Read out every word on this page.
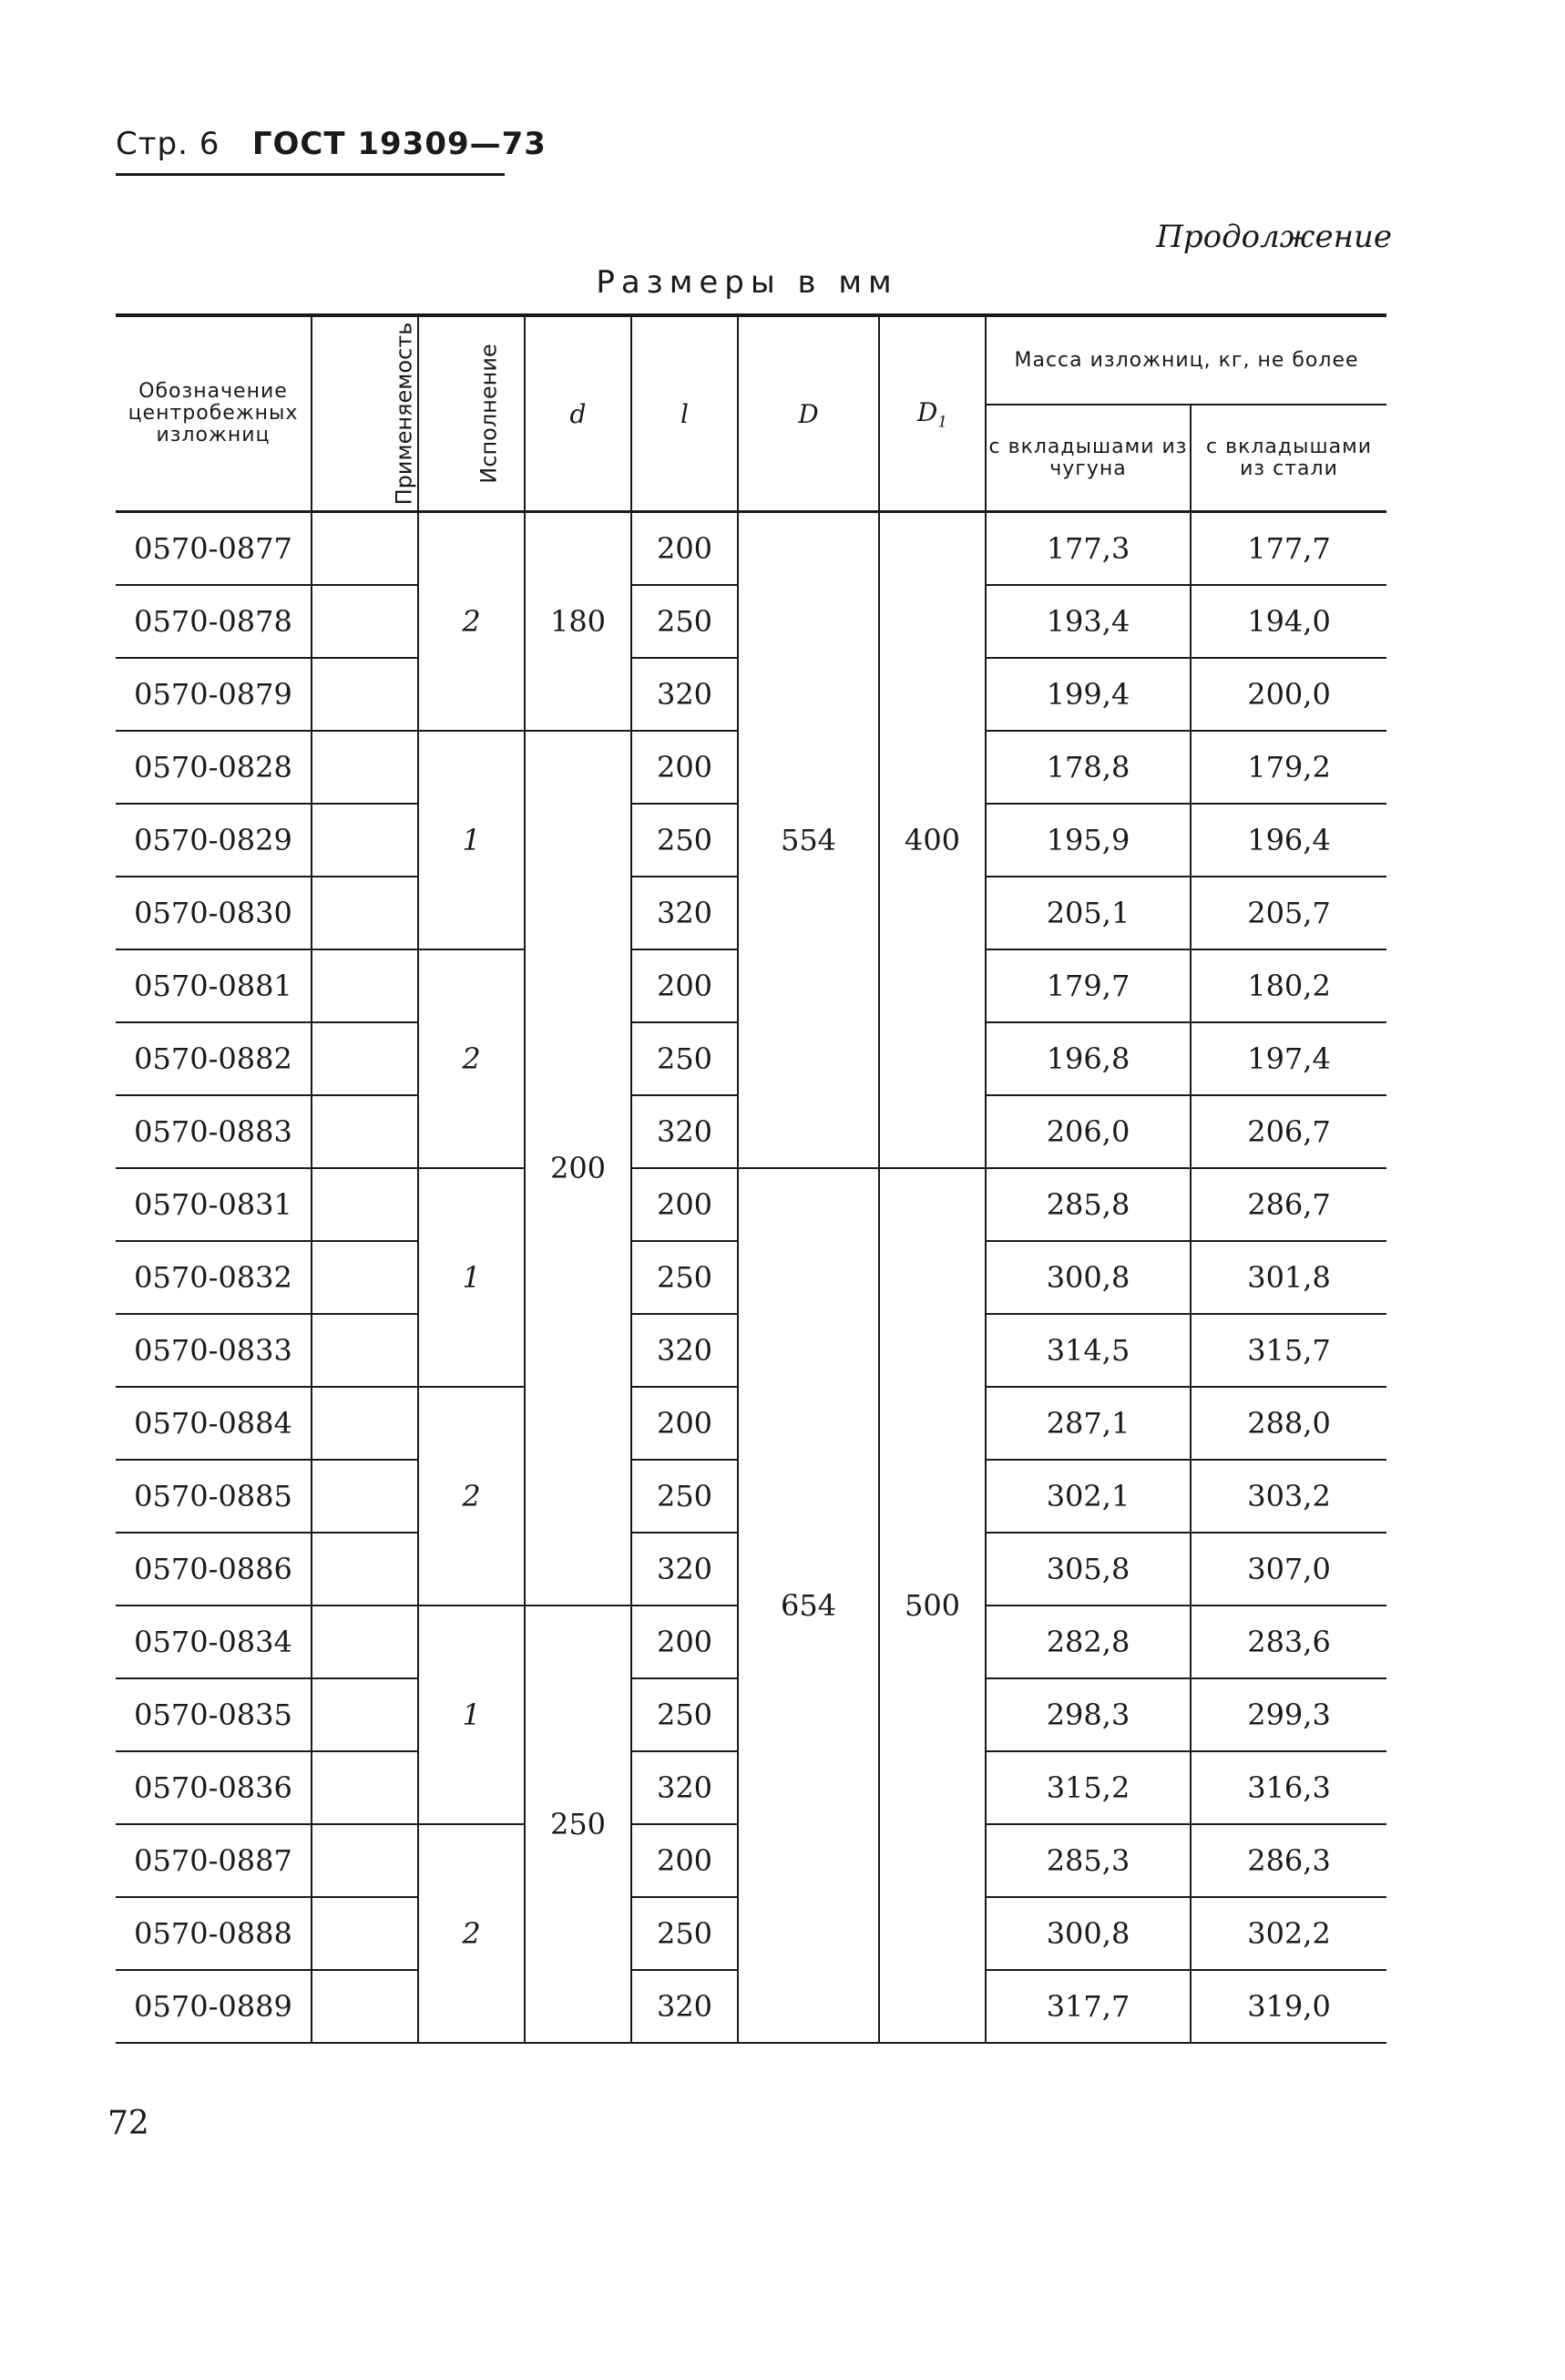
Стр. 6 ГОСТ 19309—73
Продолжение
Размеры в мм
Обозначение центробежных изложниц	Применяемость	Исполнение	d	l	D	$D_1$	Масса изложниц, кг, не более	
							с вкладышами из чугуна	с вкладышами из стали
0570-0877		2	180	200	554	400	177,3	177,7
0570-0878				250			193,4	194,0
0570-0879				320			199,4	200,0
0570-0828		1	200	200			178,8	179,2
0570-0829				250			195,9	196,4
0570-0830				320			205,1	205,7
0570-0881		2		200			179,7	180,2
0570-0882				250			196,8	197,4
0570-0883				320			206,0	206,7
0570-0831		1		200	654	500	285,8	286,7
0570-0832				250			300,8	301,8
0570-0833				320			314,5	315,7
0570-0884		2		200			287,1	288,0
0570-0885				250			302,1	303,2
0570-0886				320			305,8	307,0
0570-0834		1	250	200			282,8	283,6
0570-0835				250			298,3	299,3
0570-0836				320			315,2	316,3
0570-0887		2		200			285,3	286,3
0570-0888				250			300,8	302,2
0570-0889				320			317,7	319,0
72
